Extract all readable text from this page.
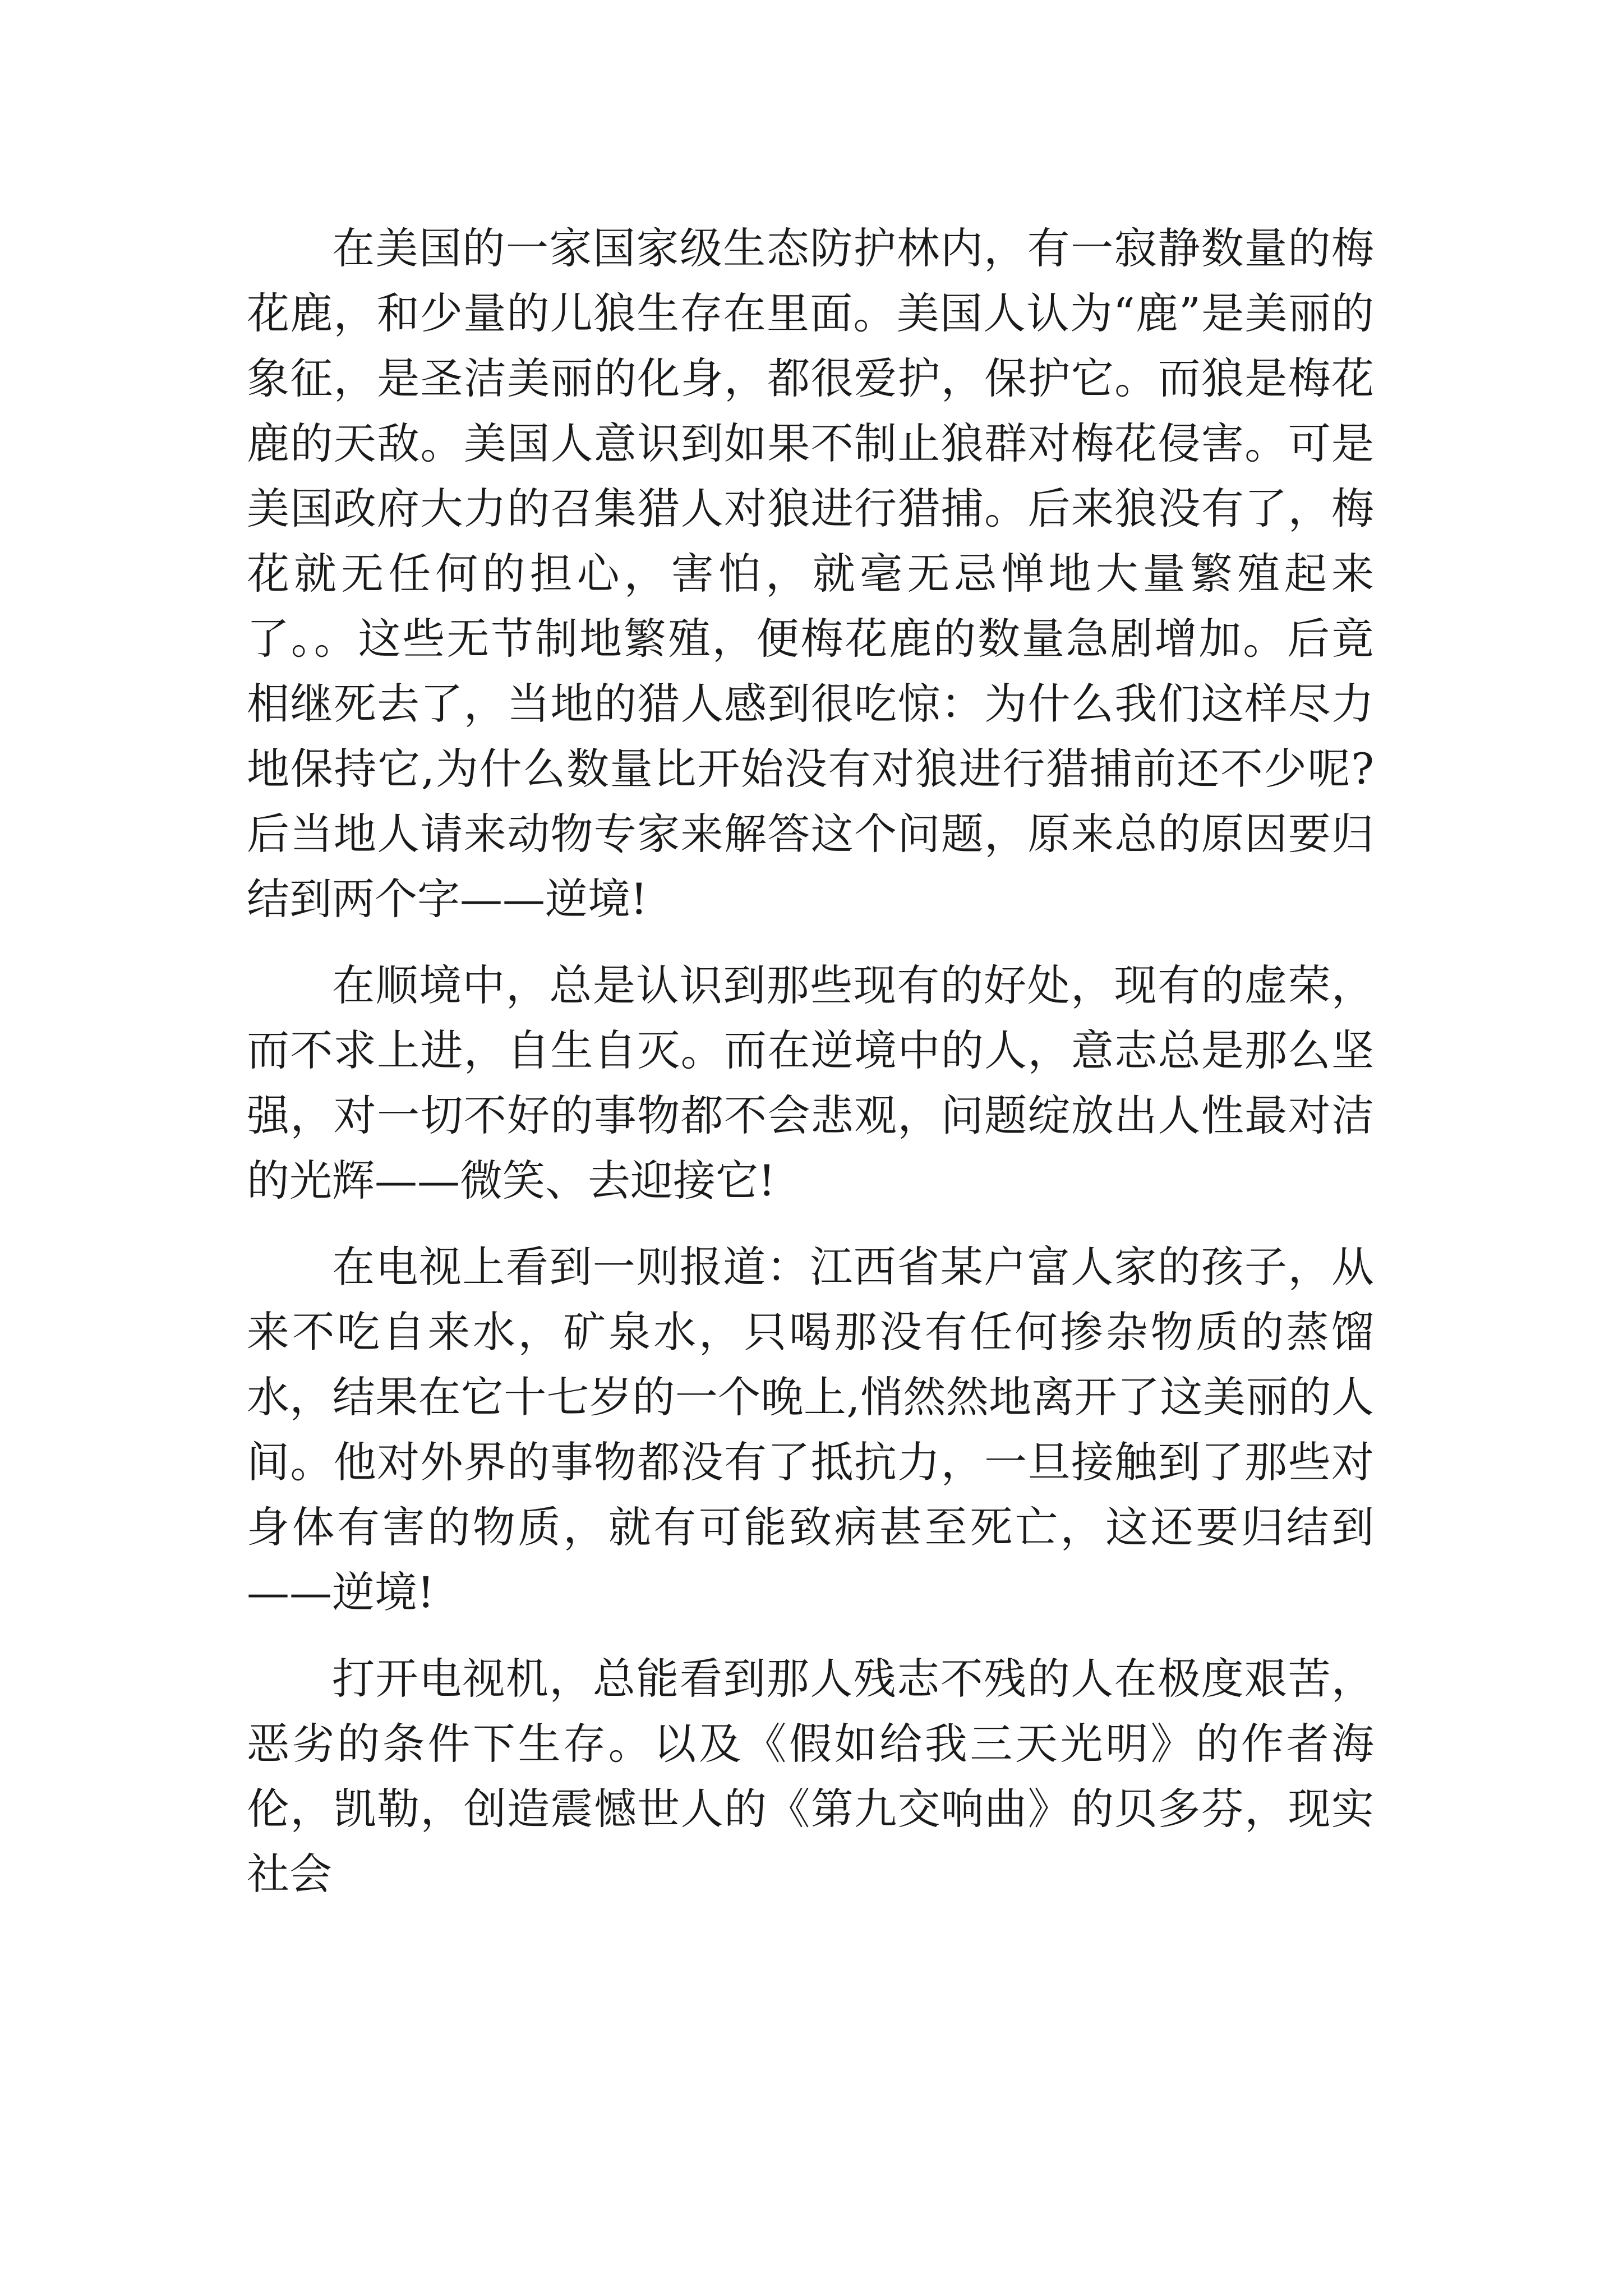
在美国的一家国家级生态防护林内，有一寂静数量的梅花鹿，和少量的儿狼生存在里面。美国人认为“鹿”是美丽的象征，是圣洁美丽的化身，都很爱护，保护它。而狼是梅花鹿的天敌。美国人意识到如果不制止狼群对梅花侵害。可是美国政府大力的召集猎人对狼进行猎捕。后来狼没有了，梅花就无任何的担心，害怕，就毫无忌惮地大量繁殖起来了。。这些无节制地繁殖，便梅花鹿的数量急剧增加。后竟相继死去了，当地的猎人感到很吃惊：为什么我们这样尽力地保持它,为什么数量比开始没有对狼进行猎捕前还不少呢?后当地人请来动物专家来解答这个问题，原来总的原因要归结到两个字——逆境!

在顺境中，总是认识到那些现有的好处，现有的虚荣，而不求上进，自生自灭。而在逆境中的人，意志总是那么坚强，对一切不好的事物都不会悲观，问题绽放出人性最对洁的光辉——微笑、去迎接它!

在电视上看到一则报道：江西省某户富人家的孩子，从来不吃自来水，矿泉水，只喝那没有任何掺杂物质的蒸馏水，结果在它十七岁的一个晚上,悄然然地离开了这美丽的人间。他对外界的事物都没有了抵抗力，一旦接触到了那些对身体有害的物质，就有可能致病甚至死亡，这还要归结到——逆境!

打开电视机，总能看到那人残志不残的人在极度艰苦，恶劣的条件下生存。以及《假如给我三天光明》的作者海伦，凯勒，创造震憾世人的《第九交响曲》的贝多芬，现实社会
